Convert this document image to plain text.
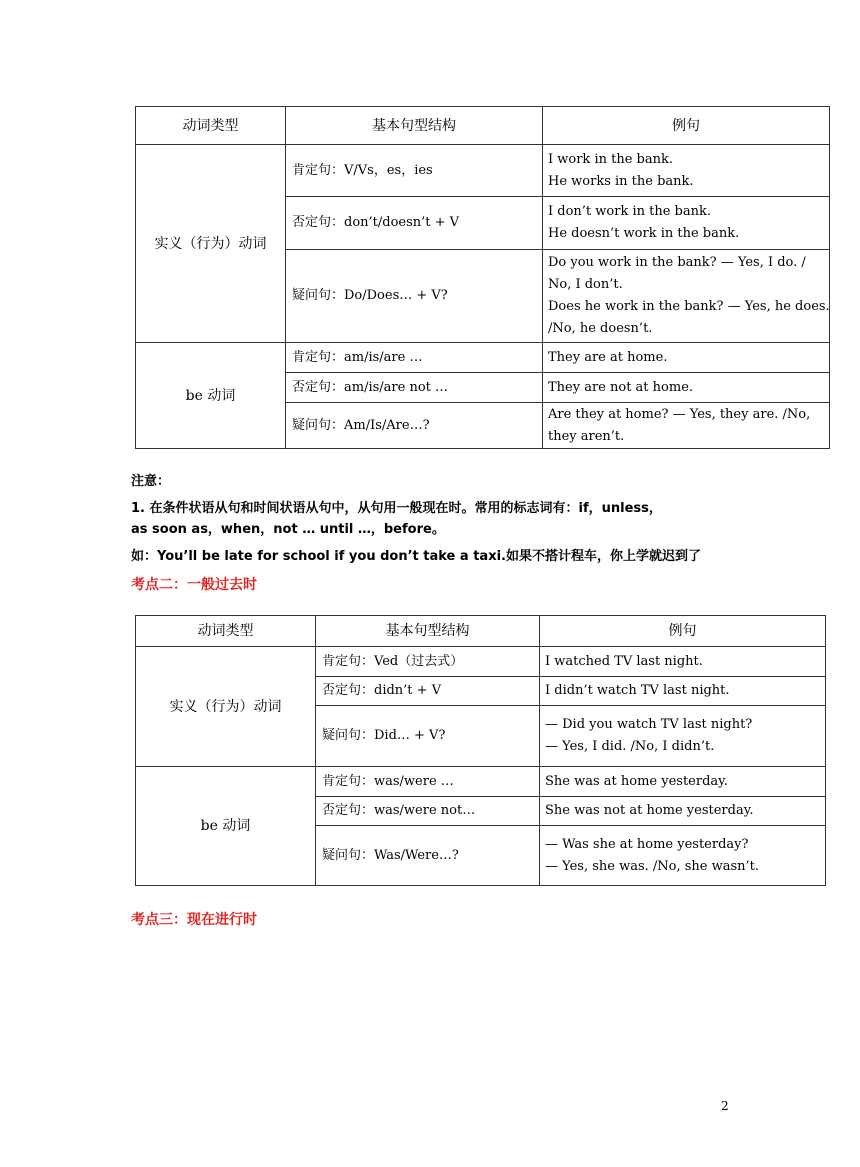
动词类型	基本句型结构	例句
实义（行为）动词	肯定句：V/Vs，es，ies	I work in the bank.
He works in the bank.

	否定句：don’t/doesn’t + V	I don’t work in the bank.
He doesn’t work in the bank.

	疑问句：Do/Does… + V?	Do you work in the bank? — Yes, I do. /
No, I don’t.
Does he work in the bank? — Yes, he does.
/No, he doesn’t.

be 动词	肯定句：am/is/are …	They are at home.

	否定句：am/is/are not …	They are not at home.

	疑问句：Am/Is/Are…?	Are they at home? — Yes, they are. /No,
they aren’t.
注意：
1. 在条件状语从句和时间状语从句中，从句用一般现在时。常用的标志词有：if，unless，
as soon as，when，not … until …，before。
如：You’ll be late for school if you don’t take a taxi.如果不搭计程车，你上学就迟到了
考点二：一般过去时
动词类型	基本句型结构	例句
实义（行为）动词	肯定句：Ved（过去式）	I watched TV last night.

	否定句：didn’t + V	I didn’t watch TV last night.

	疑问句：Did… + V?	— Did you watch TV last night?
— Yes, I did. /No, I didn’t.

be 动词	肯定句：was/were …	She was at home yesterday.

	否定句：was/were not…	She was not at home yesterday.

	疑问句：Was/Were…?	— Was she at home yesterday?
— Yes, she was. /No, she wasn’t.
考点三：现在进行时
2
